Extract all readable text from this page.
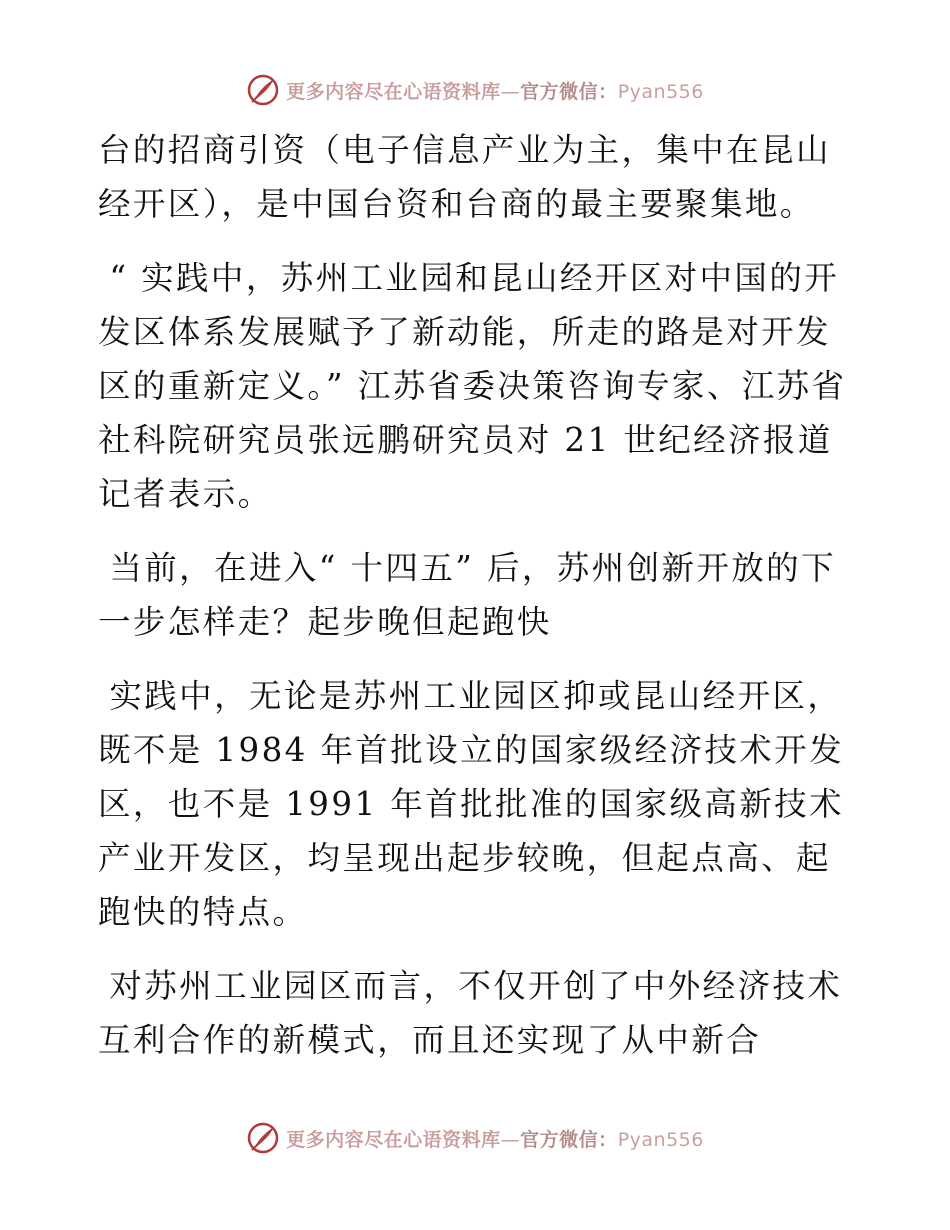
更多内容尽在心语资料库—官方微信：Pyan556

台的招商引资（电子信息产业为主，集中在昆山经开区），是中国台资和台商的最主要聚集地。

“ 实践中，苏州工业园和昆山经开区对中国的开发区体系发展赋予了新动能，所走的路是对开发区的重新定义。” 江苏省委决策咨询专家、江苏省社科院研究员张远鹏研究员对 21 世纪经济报道记者表示。

当前，在进入“ 十四五” 后，苏州创新开放的下一步怎样走？起步晚但起跑快

实践中，无论是苏州工业园区抑或昆山经开区，既不是 1984 年首批设立的国家级经济技术开发区，也不是 1991 年首批批准的国家级高新技术产业开发区，均呈现出起步较晚，但起点高、起跑快的特点。

对苏州工业园区而言，不仅开创了中外经济技术互利合作的新模式，而且还实现了从中新合

更多内容尽在心语资料库—官方微信：Pyan556
